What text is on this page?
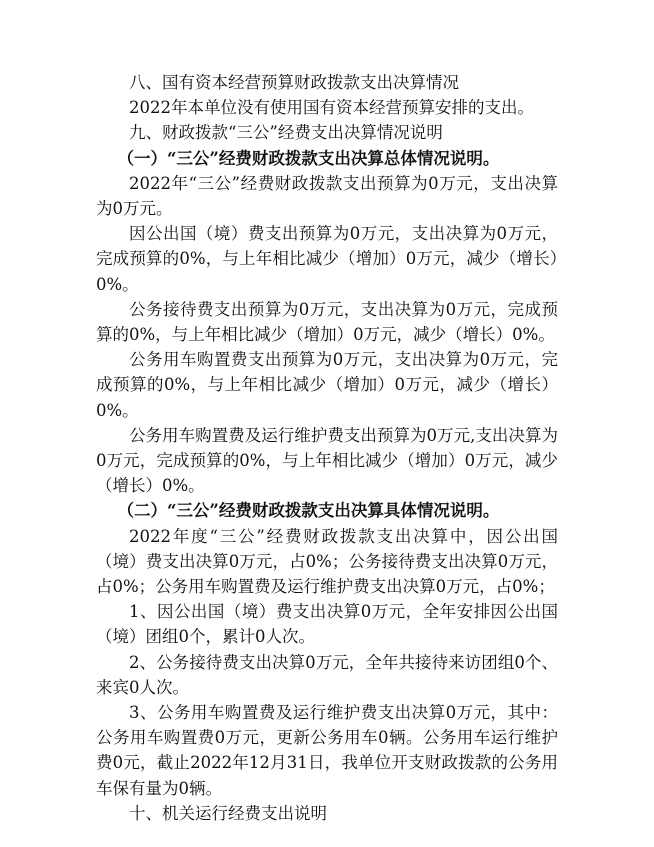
八、国有资本经营预算财政拨款支出决算情况

2022年本单位没有使用国有资本经营预算安排的支出。

九、财政拨款“三公”经费支出决算情况说明

（一）“三公”经费财政拨款支出决算总体情况说明。

2022年“三公”经费财政拨款支出预算为0万元，支出决算为0万元。

因公出国（境）费支出预算为0万元，支出决算为0万元，完成预算的0%，与上年相比减少（增加）0万元，减少（增长）0%。

公务接待费支出预算为0万元，支出决算为0万元，完成预算的0%，与上年相比减少（增加）0万元，减少（增长）0%。

公务用车购置费支出预算为0万元，支出决算为0万元，完成预算的0%，与上年相比减少（增加）0万元，减少（增长）0%。

公务用车购置费及运行维护费支出预算为0万元,支出决算为0万元，完成预算的0%，与上年相比减少（增加）0万元，减少（增长）0%。

（二）“三公”经费财政拨款支出决算具体情况说明。

2022年度“三公”经费财政拨款支出决算中，因公出国（境）费支出决算0万元，占0%；公务接待费支出决算0万元，占0%；公务用车购置费及运行维护费支出决算0万元，占0%；

1、因公出国（境）费支出决算0万元，全年安排因公出国（境）团组0个，累计0人次。

2、公务接待费支出决算0万元，全年共接待来访团组0个、来宾0人次。

3、公务用车购置费及运行维护费支出决算0万元，其中：公务用车购置费0万元，更新公务用车0辆。公务用车运行维护费0元，截止2022年12月31日，我单位开支财政拨款的公务用车保有量为0辆。

十、机关运行经费支出说明
